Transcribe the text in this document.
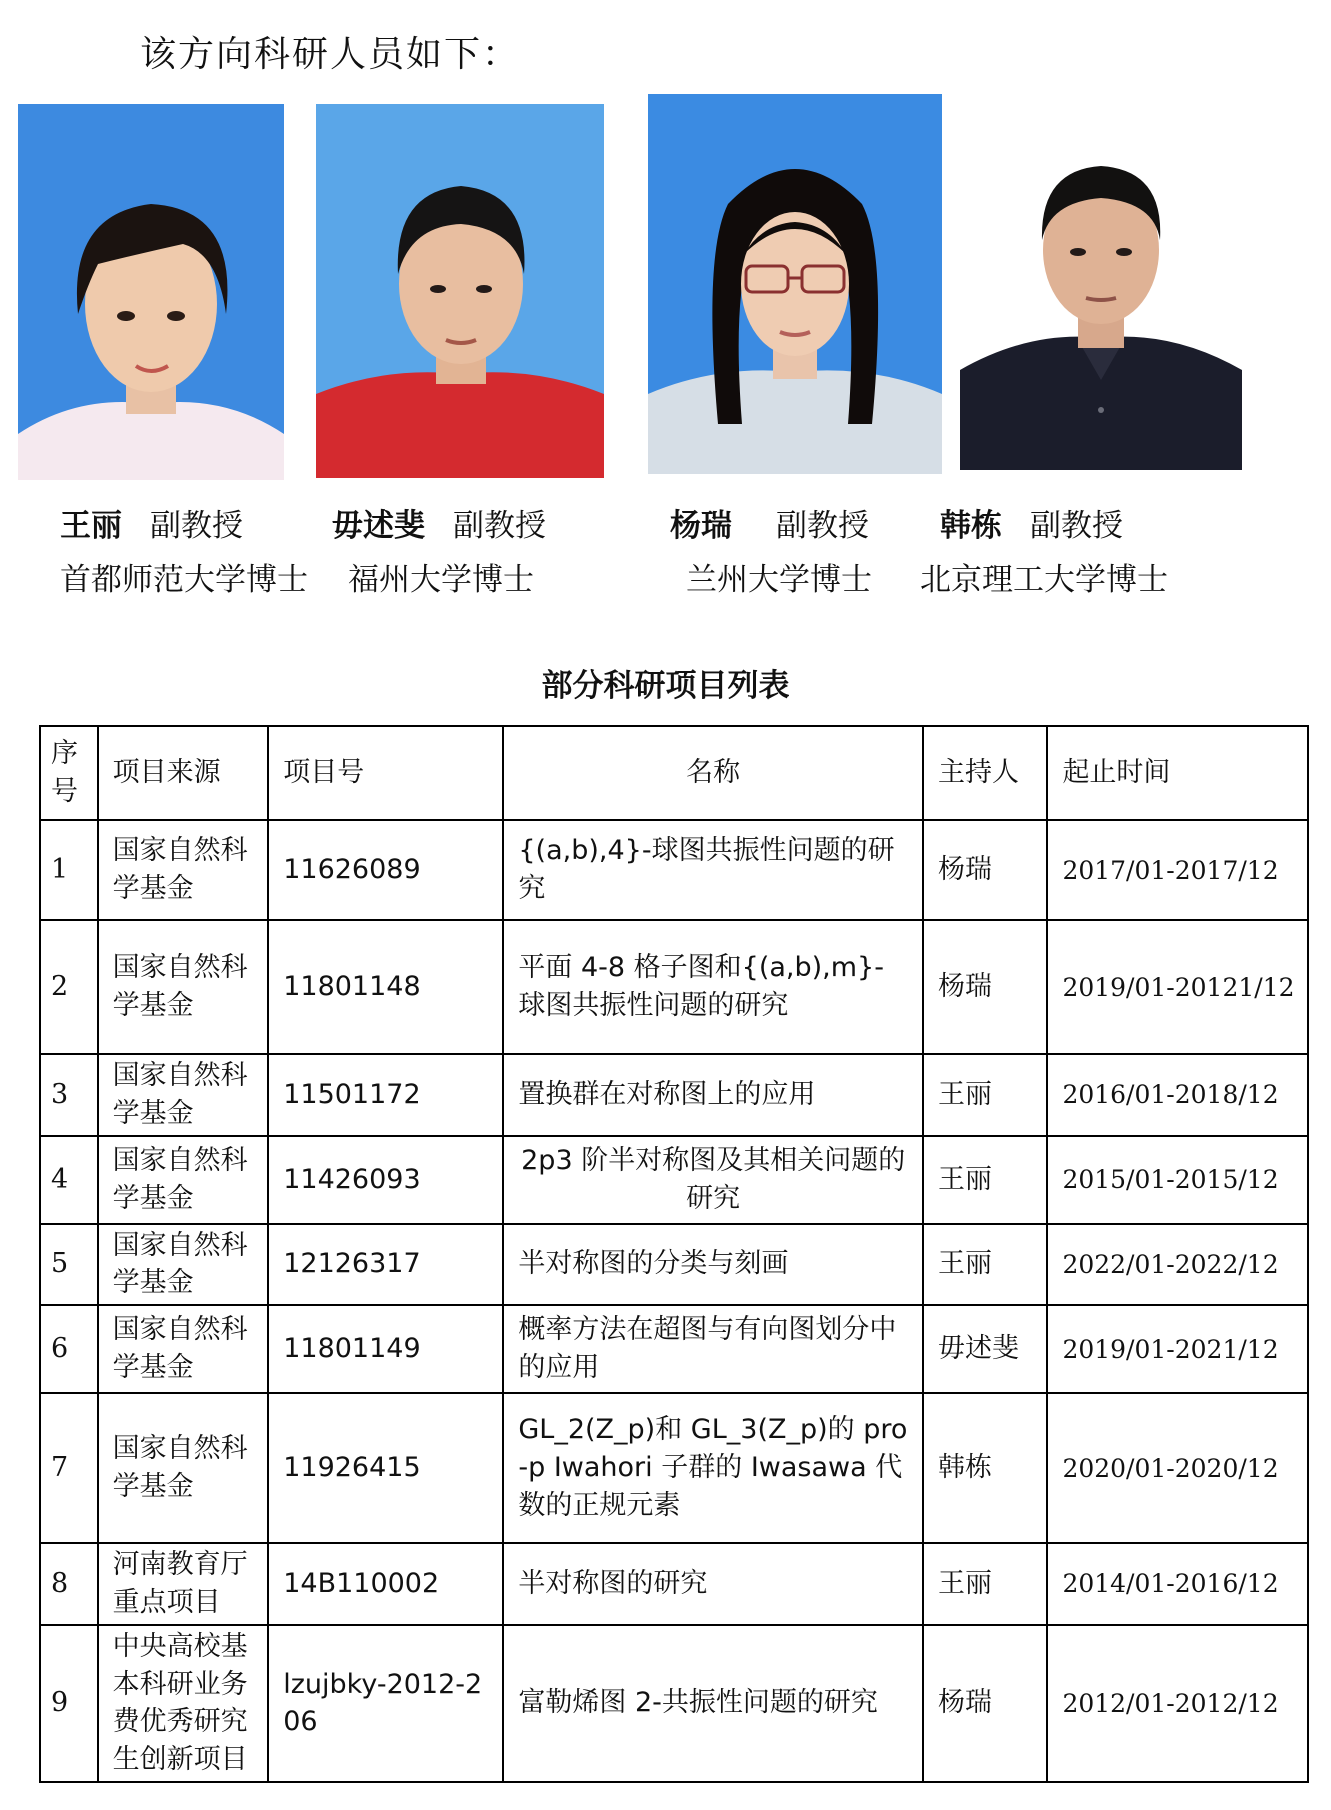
该方向科研人员如下：
王丽 副教授	毋述斐 副教授	杨瑞 副教授 韩栋 副教授
首都师范大学博士 福州大学博士	兰州大学博士 北京理工大学博士
部分科研项目列表
序号	项目来源	项目号	名称	主持人	起止时间
1	国家自然科学基金	11626089	{(a,b),4}-球图共振性问题的研究	杨瑞	2017/01-2017/12
2	国家自然科学基金	11801148	平面 4-8 格子图和{(a,b),m}-球图共振性问题的研究	杨瑞	2019/01-20121/12
3	国家自然科学基金	11501172	置换群在对称图上的应用	王丽	2016/01-2018/12
4	国家自然科学基金	11426093	2p3 阶半对称图及其相关问题的研究	王丽	2015/01-2015/12
5	国家自然科学基金	12126317	半对称图的分类与刻画	王丽	2022/01-2022/12
6	国家自然科学基金	11801149	概率方法在超图与有向图划分中的应用	毋述斐	2019/01-2021/12
7	国家自然科学基金	11926415	GL_2(Z_p)和 GL_3(Z_p)的 pro-p Iwahori 子群的 Iwasawa 代数的正规元素	韩栋	2020/01-2020/12
8	河南教育厅重点项目	14B110002	半对称图的研究	王丽	2014/01-2016/12
9	中央高校基本科研业务费优秀研究生创新项目	lzujbky-2012-206	富勒烯图 2-共振性问题的研究	杨瑞	2012/01-2012/12
